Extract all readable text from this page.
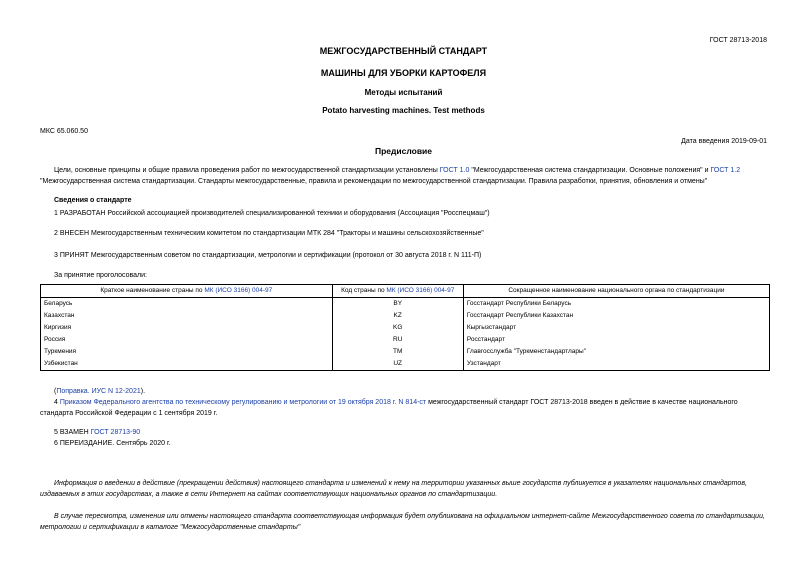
ГОСТ 28713-2018
МЕЖГОСУДАРСТВЕННЫЙ СТАНДАРТ
МАШИНЫ ДЛЯ УБОРКИ КАРТОФЕЛЯ
Методы испытаний
Potato harvesting machines. Test methods
МКС 65.060.50
Дата введения 2019-09-01
Предисловие
Цели, основные принципы и общие правила проведения работ по межгосударственной стандартизации установлены ГОСТ 1.0 "Межгосударственная система стандартизации. Основные положения" и ГОСТ 1.2 "Межгосударственная система стандартизации. Стандарты межгосударственные, правила и рекомендации по межгосударственной стандартизации. Правила разработки, принятия, обновления и отмены"
Сведения о стандарте
1 РАЗРАБОТАН Российской ассоциацией производителей специализированной техники и оборудования (Ассоциация "Росспецмаш")
2 ВНЕСЕН Межгосударственным техническим комитетом по стандартизации МТК 284 "Тракторы и машины сельскохозяйственные"
3 ПРИНЯТ Межгосударственным советом по стандартизации, метрологии и сертификации (протокол от 30 августа 2018 г. N 111-П)
За принятие проголосовали:
Краткое наименование страны по МК (ИСО 3166) 004-97	Код страны по МК (ИСО 3166) 004-97	Сокращенное наименование национального органа по стандартизации
Беларусь	BY	Госстандарт Республики Беларусь
Казахстан	KZ	Госстандарт Республики Казахстан
Киргизия	KG	Кыргызстандарт
Россия	RU	Росстандарт
Туркмения	TM	Главгосслужба "Туркменстандартлары"
Узбекистан	UZ	Узстандарт
(Поправка. ИУС N 12-2021).
4 Приказом Федерального агентства по техническому регулированию и метрологии от 19 октября 2018 г. N 814-ст межгосударственный стандарт ГОСТ 28713-2018 введен в действие в качестве национального стандарта Российской Федерации с 1 сентября 2019 г.
5 ВЗАМЕН ГОСТ 28713-90
6 ПЕРЕИЗДАНИЕ. Сентябрь 2020 г.
Информация о введении в действие (прекращении действия) настоящего стандарта и изменений к нему на территории указанных выше государств публикуется в указателях национальных стандартов, издаваемых в этих государствах, а также в сети Интернет на сайтах соответствующих национальных органов по стандартизации.
В случае пересмотра, изменения или отмены настоящего стандарта соответствующая информация будет опубликована на официальном интернет-сайте Межгосударственного совета по стандартизации, метрологии и сертификации в каталоге "Межгосударственные стандарты"
